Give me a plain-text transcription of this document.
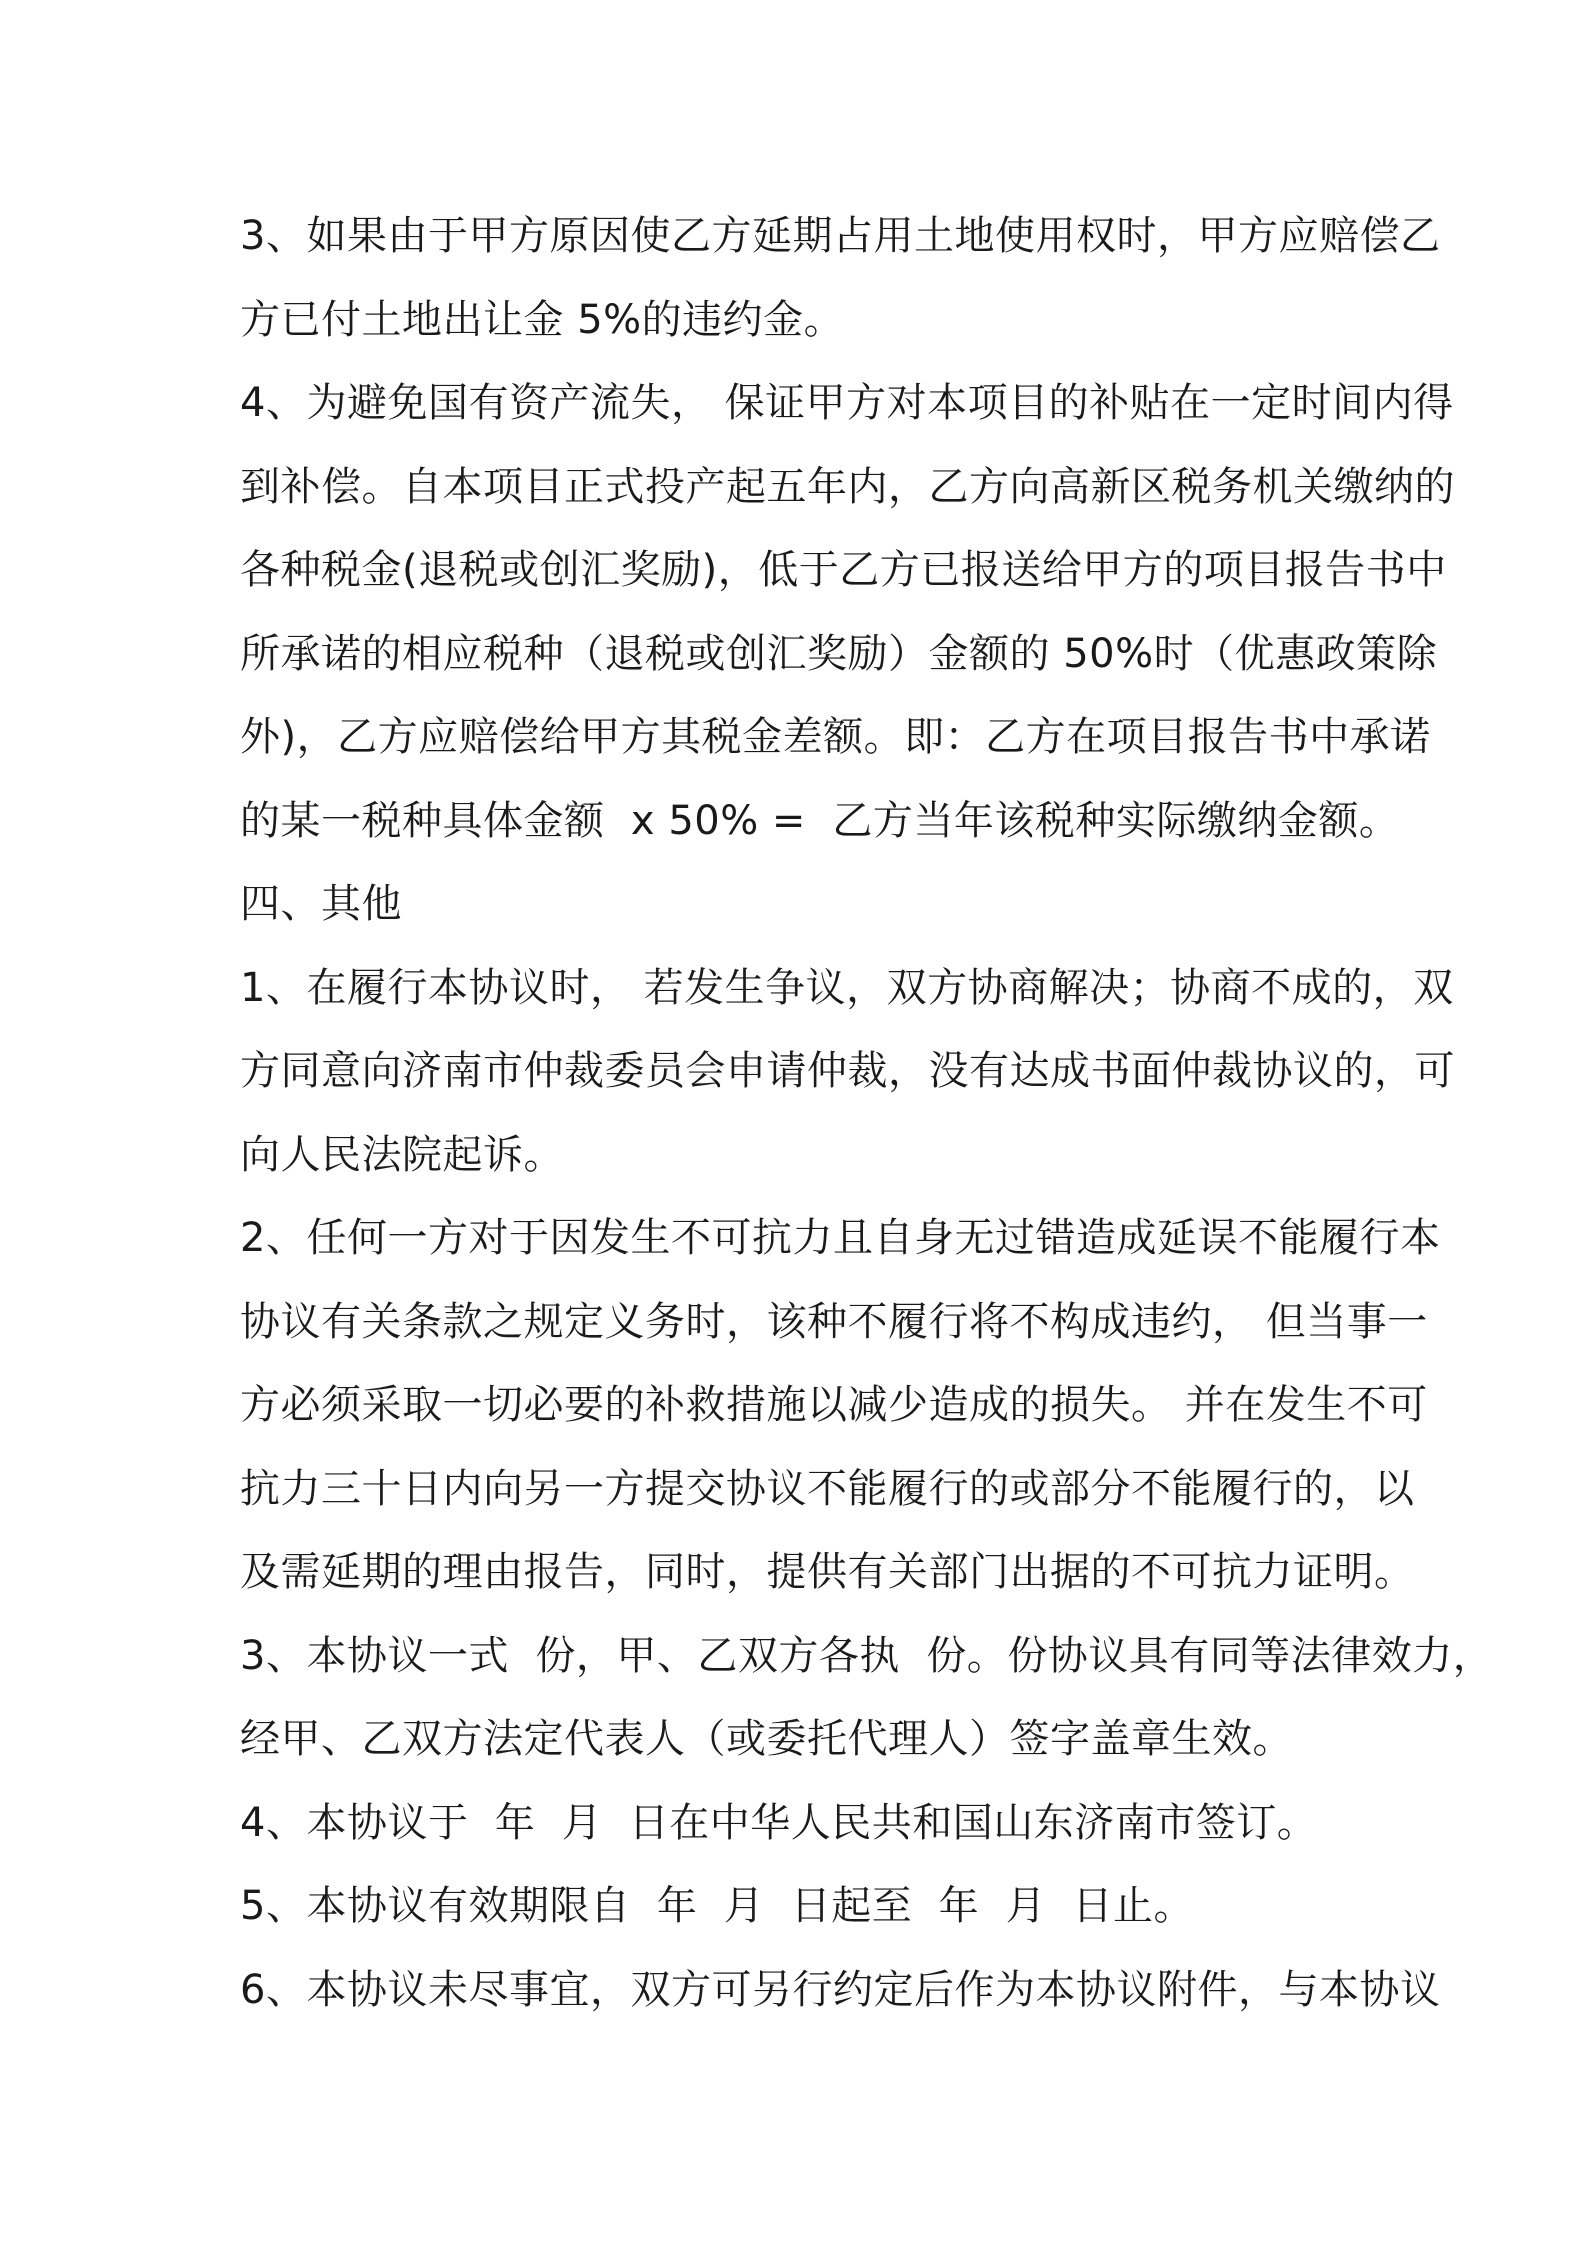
3、如果由于甲方原因使乙方延期占用土地使用权时，甲方应赔偿乙
方已付土地出让金 5%的违约金。
4、为避免国有资产流失， 保证甲方对本项目的补贴在一定时间内得
到补偿。自本项目正式投产起五年内，乙方向高新区税务机关缴纳的
各种税金(退税或创汇奖励)，低于乙方已报送给甲方的项目报告书中
所承诺的相应税种（退税或创汇奖励）金额的 50%时（优惠政策除
外)，乙方应赔偿给甲方其税金差额。即：乙方在项目报告书中承诺
的某一税种具体金额  x 50% =  乙方当年该税种实际缴纳金额。
四、其他
1、在履行本协议时， 若发生争议，双方协商解决；协商不成的，双
方同意向济南市仲裁委员会申请仲裁，没有达成书面仲裁协议的，可
向人民法院起诉。
2、任何一方对于因发生不可抗力且自身无过错造成延误不能履行本
协议有关条款之规定义务时，该种不履行将不构成违约， 但当事一
方必须采取一切必要的补救措施以减少造成的损失。 并在发生不可
抗力三十日内向另一方提交协议不能履行的或部分不能履行的，以
及需延期的理由报告，同时，提供有关部门出据的不可抗力证明。
3、本协议一式  份，甲、乙双方各执  份。份协议具有同等法律效力，
经甲、乙双方法定代表人（或委托代理人）签字盖章生效。
4、本协议于  年  月  日在中华人民共和国山东济南市签订。
5、本协议有效期限自  年  月  日起至  年  月  日止。
6、本协议未尽事宜，双方可另行约定后作为本协议附件，与本协议
